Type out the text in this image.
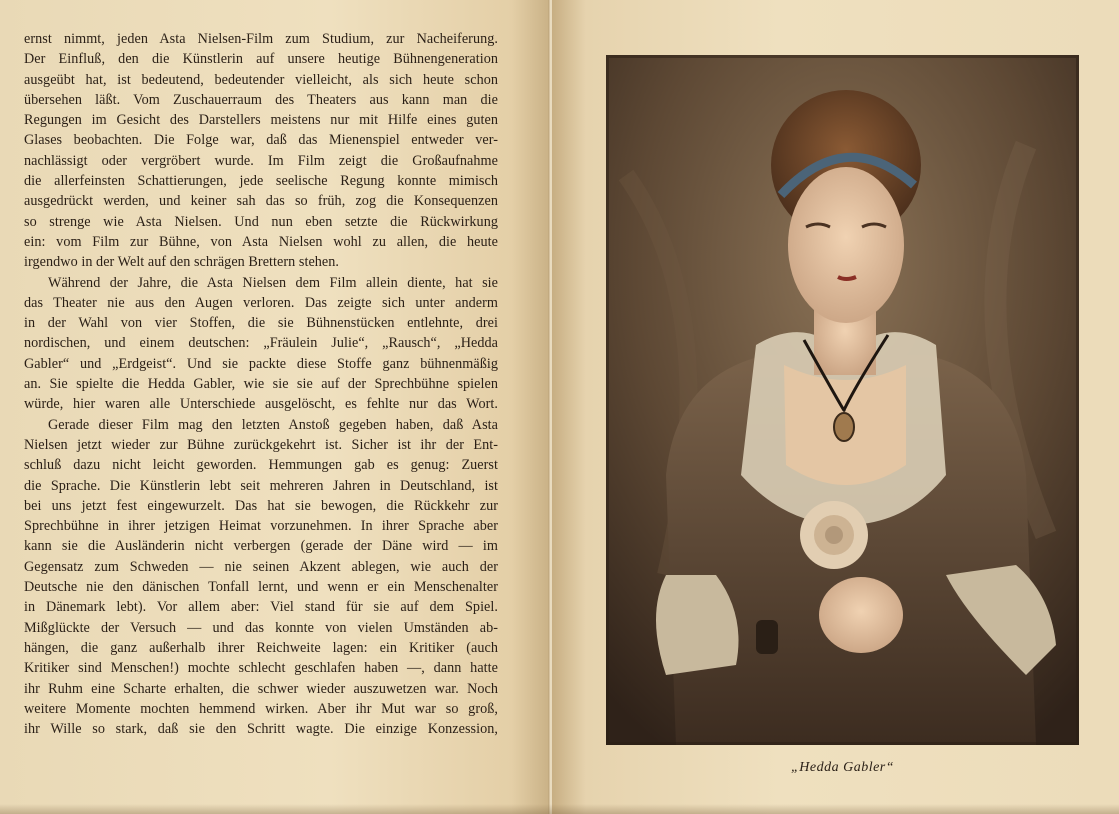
ernst nimmt, jeden Asta Nielsen-Film zum Studium, zur Nacheiferung.
Der Einfluß, den die Künstlerin auf unsere heutige Bühnengeneration
ausgeübt hat, ist bedeutend, bedeutender vielleicht, als sich heute schon
übersehen läßt. Vom Zuschauerraum des Theaters aus kann man die
Regungen im Gesicht des Darstellers meistens nur mit Hilfe eines guten
Glases beobachten. Die Folge war, daß das Mienenspiel entweder ver-
nachlässigt oder vergröbert wurde. Im Film zeigt die Großaufnahme
die allerfeinsten Schattierungen, jede seelische Regung konnte mimisch
ausgedrückt werden, und keiner sah das so früh, zog die Konsequenzen
so strenge wie Asta Nielsen. Und nun eben setzte die Rückwirkung
ein: vom Film zur Bühne, von Asta Nielsen wohl zu allen, die heute
irgendwo in der Welt auf den schrägen Brettern stehen.
Während der Jahre, die Asta Nielsen dem Film allein diente, hat sie
das Theater nie aus den Augen verloren. Das zeigte sich unter anderm
in der Wahl von vier Stoffen, die sie Bühnenstücken entlehnte, drei
nordischen, und einem deutschen: „Fräulein Julie“, „Rausch“, „Hedda
Gabler“ und „Erdgeist“. Und sie packte diese Stoffe ganz bühnenmäßig
an. Sie spielte die Hedda Gabler, wie sie sie auf der Sprechbühne spielen
würde, hier waren alle Unterschiede ausgelöscht, es fehlte nur das Wort.
Gerade dieser Film mag den letzten Anstoß gegeben haben, daß Asta
Nielsen jetzt wieder zur Bühne zurückgekehrt ist. Sicher ist ihr der Ent-
schluß dazu nicht leicht geworden. Hemmungen gab es genug: Zuerst
die Sprache. Die Künstlerin lebt seit mehreren Jahren in Deutschland, ist
bei uns jetzt fest eingewurzelt. Das hat sie bewogen, die Rückkehr zur
Sprechbühne in ihrer jetzigen Heimat vorzunehmen. In ihrer Sprache aber
kann sie die Ausländerin nicht verbergen (gerade der Däne wird — im
Gegensatz zum Schweden — nie seinen Akzent ablegen, wie auch der
Deutsche nie den dänischen Tonfall lernt, und wenn er ein Menschenalter
in Dänemark lebt). Vor allem aber: Viel stand für sie auf dem Spiel.
Mißglückte der Versuch — und das konnte von vielen Umständen ab-
hängen, die ganz außerhalb ihrer Reichweite lagen: ein Kritiker (auch
Kritiker sind Menschen!) mochte schlecht geschlafen haben —, dann hatte
ihr Ruhm eine Scharte erhalten, die schwer wieder auszuwetzen war. Noch
weitere Momente mochten hemmend wirken. Aber ihr Mut war so groß,
ihr Wille so stark, daß sie den Schritt wagte. Die einzige Konzession,
„Hedda Gabler“
